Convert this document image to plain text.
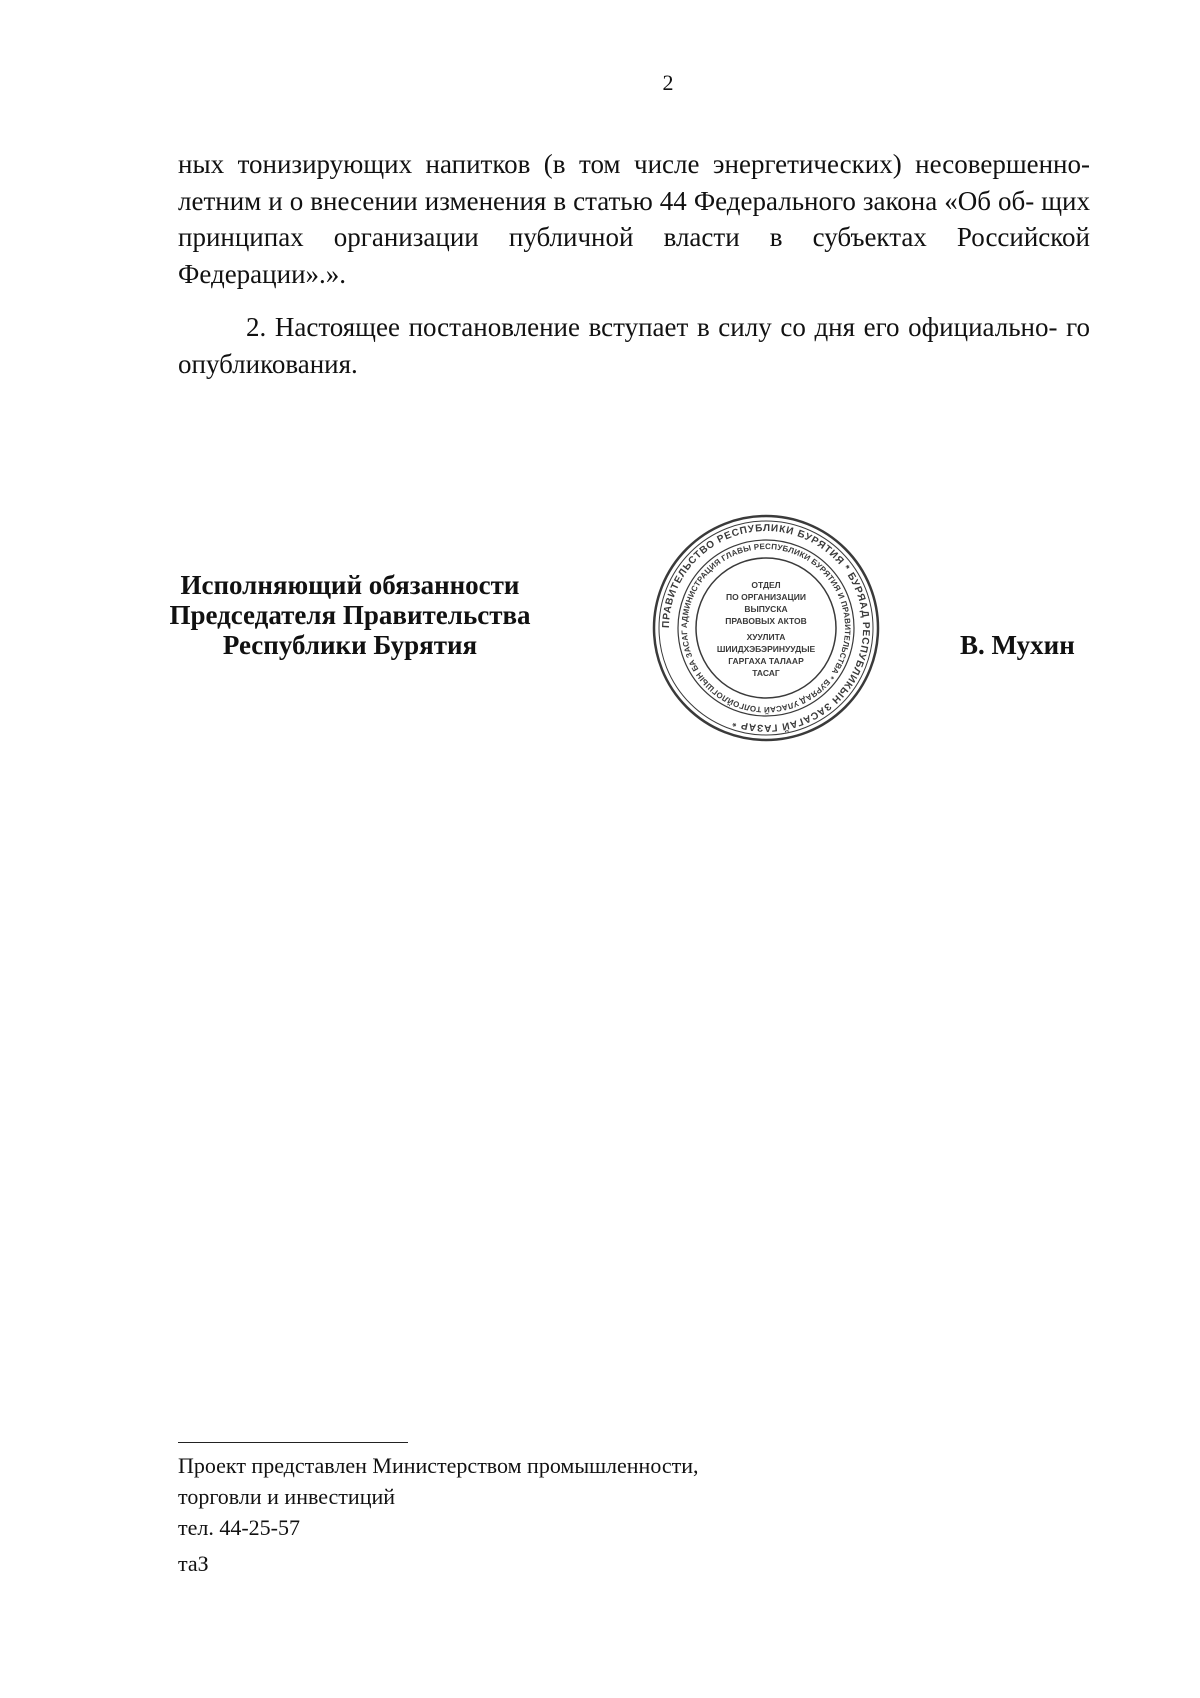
2
ных тонизирующих напитков (в том числе энергетических) несовершенно- летним и о внесении изменения в статью 44 Федерального закона «Об об- щих принципах организации публичной власти в субъектах Российской Федерации».».
2. Настоящее постановление вступает в силу со дня его официально- го опубликования.
Исполняющий обязанности
Председателя Правительства
Республики Бурятия
ПРАВИТЕЛЬСТВО РЕСПУБЛИКИ БУРЯТИЯ * БУРЯАД РЕСПУБЛИКЫН ЗАСАГАЙ ГАЗАР *
АДМИНИСТРАЦИЯ ГЛАВЫ РЕСПУБЛИКИ БУРЯТИЯ И ПРАВИТЕЛЬСТВА * БУРЯАД УЛАСАЙ ТОЛГОЙЛОГШЫН БА ЗАСАГ
ОТДЕЛ
ПО ОРГАНИЗАЦИИ
ВЫПУСКА
ПРАВОВЫХ АКТОВ
ХУУЛИТА
ШИИДХЭБЭРИНУУДЫЕ
ГАРГАХА ТАЛААР
ТАСАГ
В. Мухин
Проект представлен Министерством промышленности,
торговли и инвестиций
тел. 44-25-57
таЗ
